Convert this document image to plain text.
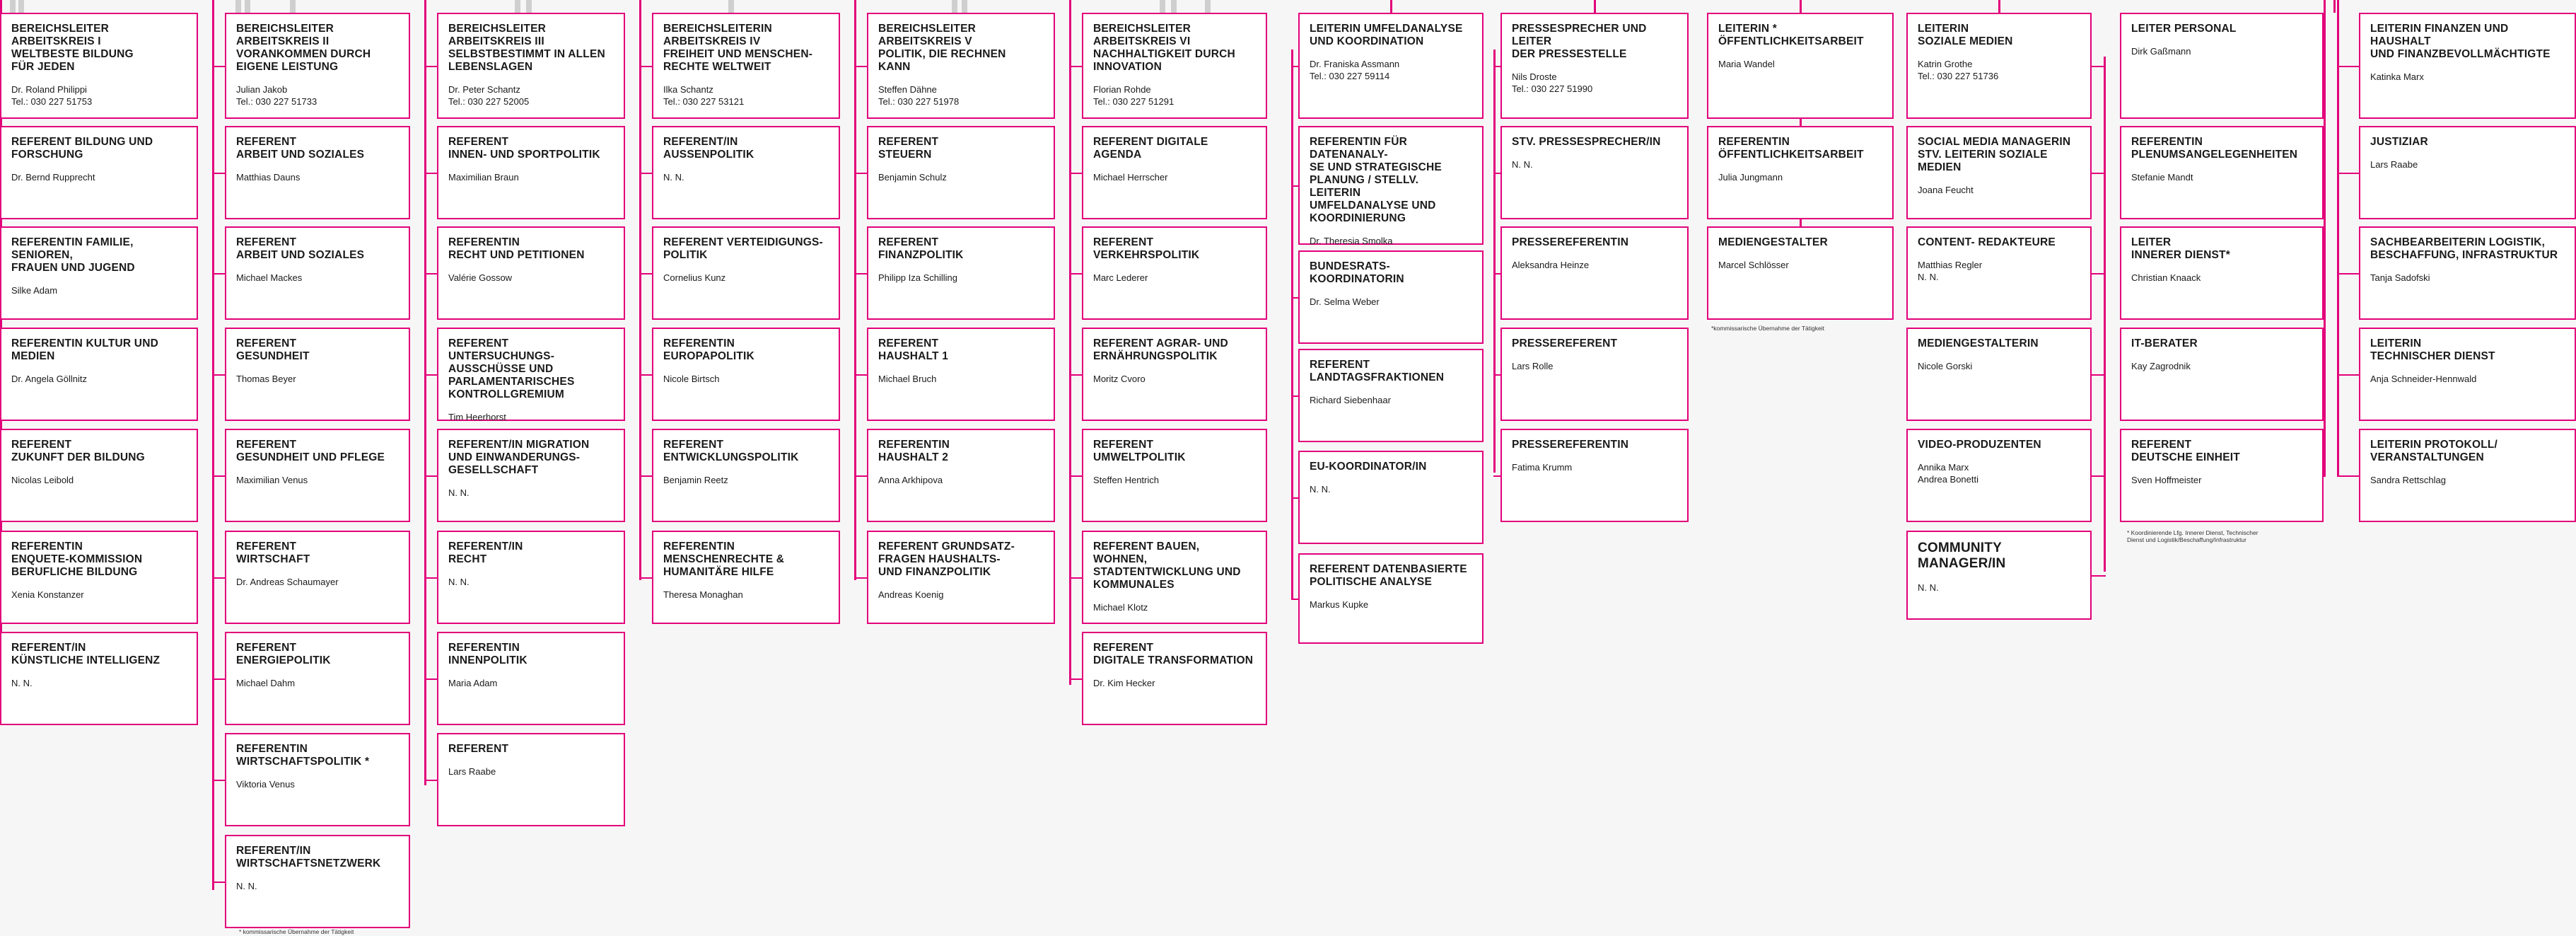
BEREICHSLEITER
ARBEITSKREIS I
WELTBESTE BILDUNG
FÜR JEDEN
Dr. Roland Philippi
Tel.: 030 227 51753
REFERENT BILDUNG UND
FORSCHUNG
Dr. Bernd Rupprecht
REFERENTIN FAMILIE, SENIOREN,
FRAUEN UND JUGEND
Silke Adam
REFERENTIN KULTUR UND
MEDIEN
Dr. Angela Göllnitz
REFERENT
ZUKUNFT DER BILDUNG
Nicolas Leibold
REFERENTIN
ENQUETE-KOMMISSION
BERUFLICHE BILDUNG
Xenia Konstanzer
REFERENT/IN
KÜNSTLICHE INTELLIGENZ
N. N.
BEREICHSLEITER
ARBEITSKREIS II
VORANKOMMEN DURCH
EIGENE LEISTUNG
Julian Jakob
Tel.: 030 227 51733
REFERENT
ARBEIT UND SOZIALES
Matthias Dauns
REFERENT
ARBEIT UND SOZIALES
Michael Mackes
REFERENT
GESUNDHEIT
Thomas Beyer
REFERENT
GESUNDHEIT UND PFLEGE
Maximilian Venus
REFERENT
WIRTSCHAFT
Dr. Andreas Schaumayer
REFERENT
ENERGIEPOLITIK
Michael Dahm
REFERENTIN
WIRTSCHAFTSPOLITIK *
Viktoria Venus
REFERENT/IN
WIRTSCHAFTSNETZWERK
N. N.
BEREICHSLEITER
ARBEITSKREIS III
SELBSTBESTIMMT IN ALLEN
LEBENSLAGEN
Dr. Peter Schantz
Tel.: 030 227 52005
REFERENT
INNEN- UND SPORTPOLITIK
Maximilian Braun
REFERENTIN
RECHT UND PETITIONEN
Valérie Gossow
REFERENT UNTERSUCHUNGS-
AUSSCHÜSSE UND
PARLAMENTARISCHES
KONTROLLGREMIUM
Tim Heerhorst
REFERENT/IN MIGRATION
UND EINWANDERUNGS-
GESELLSCHAFT
N. N.
REFERENT/IN
RECHT
N. N.
REFERENTIN
INNENPOLITIK
Maria Adam
REFERENT
Lars Raabe
BEREICHSLEITERIN
ARBEITSKREIS IV
FREIHEIT UND MENSCHEN-
RECHTE WELTWEIT
Ilka Schantz
Tel.: 030 227 53121
REFERENT/IN AUSSENPOLITIK
N. N.
REFERENT VERTEIDIGUNGS-
POLITIK
Cornelius Kunz
REFERENTIN
EUROPAPOLITIK
Nicole Birtsch
REFERENT
ENTWICKLUNGSPOLITIK
Benjamin Reetz
REFERENTIN
MENSCHENRECHTE &
HUMANITÄRE HILFE
Theresa Monaghan
BEREICHSLEITER
ARBEITSKREIS V
POLITIK, DIE RECHNEN
KANN
Steffen Dähne
Tel.: 030 227 51978
REFERENT
STEUERN
Benjamin Schulz
REFERENT
FINANZPOLITIK
Philipp Iza Schilling
REFERENT
HAUSHALT 1
Michael Bruch
REFERENTIN
HAUSHALT 2
Anna Arkhipova
REFERENT GRUNDSATZ-
FRAGEN HAUSHALTS-
UND FINANZPOLITIK
Andreas Koenig
BEREICHSLEITER
ARBEITSKREIS VI
NACHHALTIGKEIT DURCH
INNOVATION
Florian Rohde
Tel.: 030 227 51291
REFERENT DIGITALE
AGENDA
Michael Herrscher
REFERENT
VERKEHRSPOLITIK
Marc Lederer
REFERENT AGRAR- UND
ERNÄHRUNGSPOLITIK
Moritz Cvoro
REFERENT
UMWELTPOLITIK
Steffen Hentrich
REFERENT BAUEN, WOHNEN,
STADTENTWICKLUNG UND
KOMMUNALES
Michael Klotz
REFERENT
DIGITALE TRANSFORMATION
Dr. Kim Hecker
LEITERIN UMFELDANALYSE
UND KOORDINATION
Dr. Franiska Assmann
Tel.: 030 227 59114
REFERENTIN FÜR DATENANALY-
SE UND STRATEGISCHE
PLANUNG / STELLV. LEITERIN
UMFELDANALYSE UND
KOORDINIERUNG
Dr. Theresia Smolka
BUNDESRATS-
KOORDINATORIN
Dr. Selma Weber
REFERENT
LANDTAGSFRAKTIONEN
Richard Siebenhaar
EU-KOORDINATOR/IN
N. N.
REFERENT DATENBASIERTE
POLITISCHE ANALYSE
Markus Kupke
PRESSESPRECHER UND LEITER
DER PRESSESTELLE
Nils Droste
Tel.: 030 227 51990
STV. PRESSESPRECHER/IN
N. N.
PRESSEREFERENTIN
Aleksandra Heinze
PRESSEREFERENT
Lars Rolle
PRESSEREFERENTIN
Fatima Krumm
LEITERIN *
ÖFFENTLICHKEITSARBEIT
Maria Wandel
REFERENTIN
ÖFFENTLICHKEITSARBEIT
Julia Jungmann
MEDIENGESTALTER
Marcel Schlösser
LEITERIN
SOZIALE MEDIEN
Katrin Grothe
Tel.: 030 227 51736
SOCIAL MEDIA MANAGERIN
STV. LEITERIN SOZIALE MEDIEN
Joana Feucht
CONTENT- REDAKTEURE
Matthias Regler
N. N.
MEDIENGESTALTERIN
Nicole Gorski
VIDEO-PRODUZENTEN
Annika Marx
Andrea Bonetti
COMMUNITY MANAGER/IN
N. N.
LEITER PERSONAL
Dirk Gaßmann
REFERENTIN
PLENUMSANGELEGENHEITEN
Stefanie Mandt
LEITER
INNERER DIENST*
Christian Knaack
IT-BERATER
Kay Zagrodnik
REFERENT
DEUTSCHE EINHEIT
Sven Hoffmeister
LEITERIN FINANZEN UND HAUSHALT
UND FINANZBEVOLLMÄCHTIGTE
Katinka Marx
JUSTIZIAR
Lars Raabe
SACHBEARBEITERIN LOGISTIK,
BESCHAFFUNG, INFRASTRUKTUR
Tanja Sadofski
LEITERIN
TECHNISCHER DIENST
Anja Schneider-Hennwald
LEITERIN PROTOKOLL/
VERANSTALTUNGEN
Sandra Rettschlag
*kommissarische Übernahme der Tätigkeit
* Koordinierende Lfg. Innerer Dienst, Technischer
Dienst und Logistik/Beschaffung/Infrastruktur
* kommissarische Übernahme der Tätigkeit
